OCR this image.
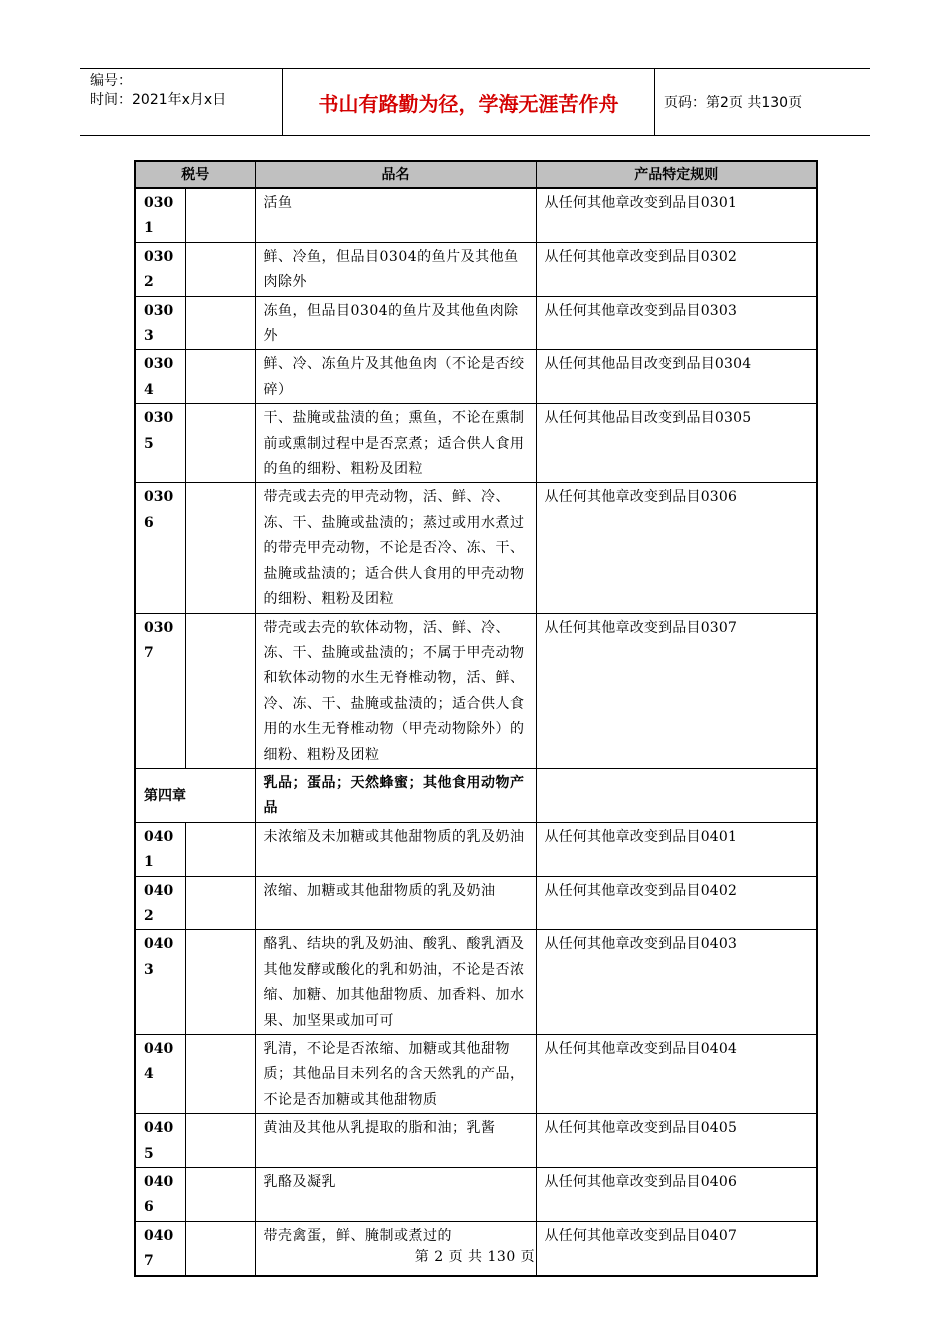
编号：
时间：2021年x月x日	书山有路勤为径，学海无涯苦作舟	页码：第2页 共130页
税号		品名	产品特定规则
0301		活鱼	从任何其他章改变到品目0301
0302		鲜、冷鱼，但品目0304的鱼片及其他鱼肉除外	从任何其他章改变到品目0302
0303		冻鱼，但品目0304的鱼片及其他鱼肉除外	从任何其他章改变到品目0303
0304		鲜、冷、冻鱼片及其他鱼肉（不论是否绞碎）	从任何其他品目改变到品目0304
0305		干、盐腌或盐渍的鱼；熏鱼，不论在熏制前或熏制过程中是否烹煮；适合供人食用的鱼的细粉、粗粉及团粒	从任何其他品目改变到品目0305
0306		带壳或去壳的甲壳动物，活、鲜、冷、冻、干、盐腌或盐渍的；蒸过或用水煮过的带壳甲壳动物，不论是否冷、冻、干、盐腌或盐渍的；适合供人食用的甲壳动物的细粉、粗粉及团粒	从任何其他章改变到品目0306
0307		带壳或去壳的软体动物，活、鲜、冷、冻、干、盐腌或盐渍的；不属于甲壳动物和软体动物的水生无脊椎动物，活、鲜、冷、冻、干、盐腌或盐渍的；适合供人食用的水生无脊椎动物（甲壳动物除外）的细粉、粗粉及团粒	从任何其他章改变到品目0307
第四章		乳品；蛋品；天然蜂蜜；其他食用动物产品	
0401		未浓缩及未加糖或其他甜物质的乳及奶油	从任何其他章改变到品目0401
0402		浓缩、加糖或其他甜物质的乳及奶油	从任何其他章改变到品目0402
0403		酪乳、结块的乳及奶油、酸乳、酸乳酒及其他发酵或酸化的乳和奶油，不论是否浓缩、加糖、加其他甜物质、加香料、加水果、加坚果或加可可	从任何其他章改变到品目0403
0404		乳清，不论是否浓缩、加糖或其他甜物质；其他品目未列名的含天然乳的产品，不论是否加糖或其他甜物质	从任何其他章改变到品目0404
0405		黄油及其他从乳提取的脂和油；乳酱	从任何其他章改变到品目0405
0406		乳酪及凝乳	从任何其他章改变到品目0406
0407		带壳禽蛋，鲜、腌制或煮过的	从任何其他章改变到品目0407
第 2 页 共 130 页
